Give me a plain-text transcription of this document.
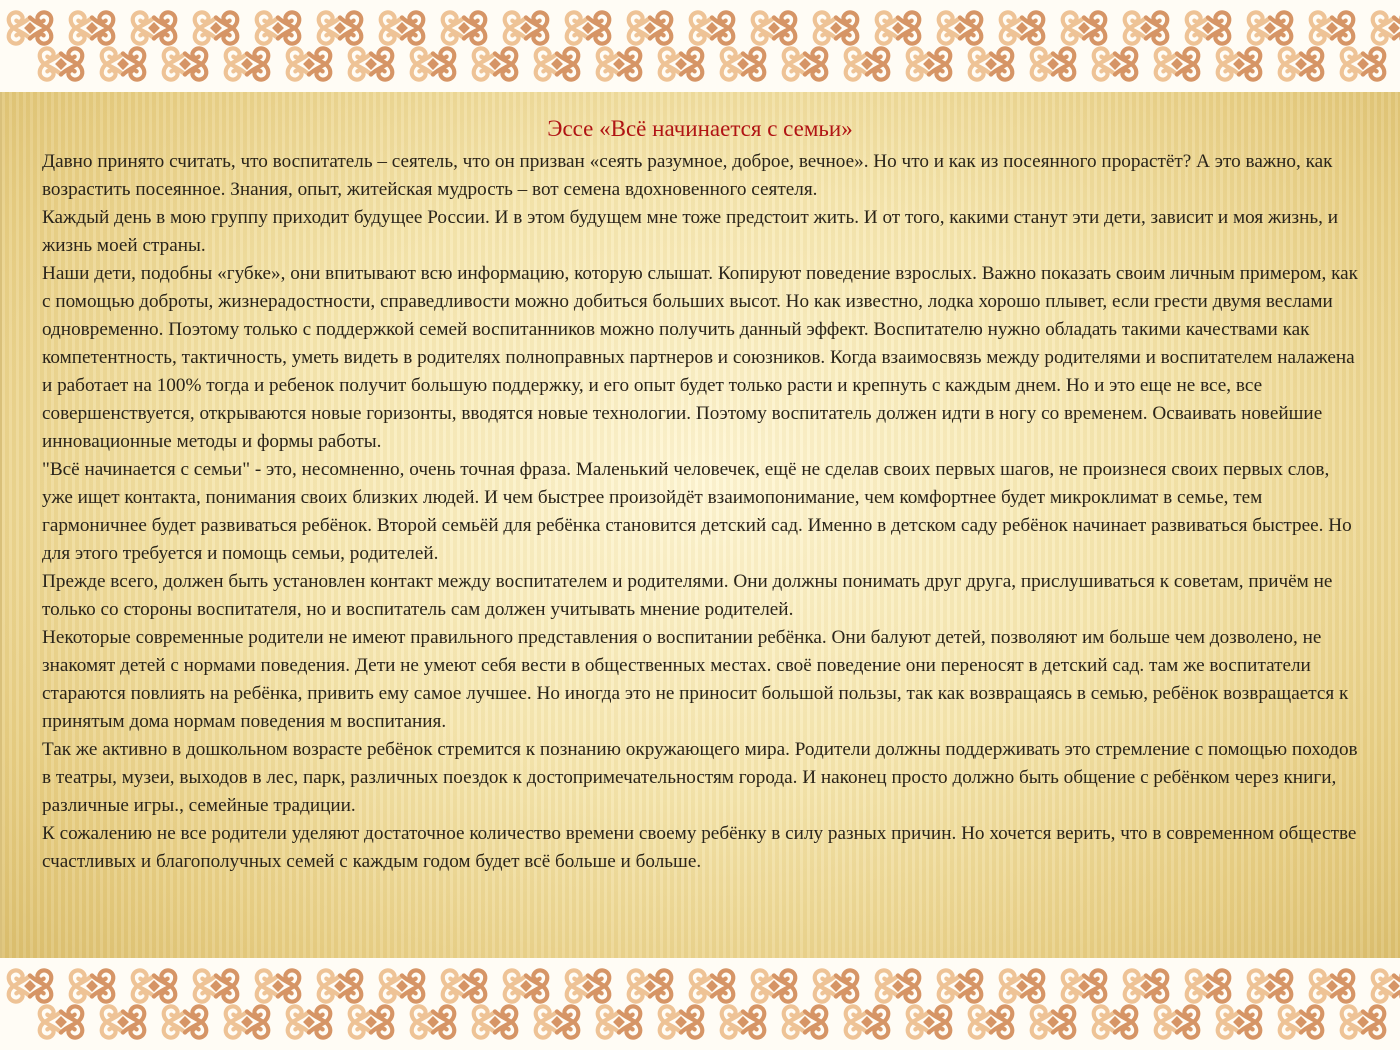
Эссе «Всё начинается с семьи»

Давно принято считать, что воспитатель – сеятель, что он призван «сеять разумное, доброе, вечное». Но что и как из посеянного прорастёт? А это важно, как возрастить посеянное. Знания, опыт, житейская мудрость – вот семена вдохновенного сеятеля.

Каждый день в мою группу приходит будущее России. И в этом будущем мне тоже предстоит жить. И от того, какими станут эти дети, зависит и моя жизнь, и жизнь моей страны.

Наши дети, подобны «губке», они впитывают всю информацию, которую слышат. Копируют поведение взрослых. Важно показать своим личным примером, как с помощью доброты, жизнерадостности, справедливости можно добиться больших высот. Но как известно, лодка хорошо плывет, если грести двумя веслами одновременно. Поэтому только с поддержкой семей воспитанников можно получить данный эффект. Воспитателю нужно обладать такими качествами как компетентность, тактичность, уметь видеть в родителях полноправных партнеров и союзников. Когда взаимосвязь между родителями и воспитателем налажена и работает на 100% тогда и ребенок получит большую поддержку, и его опыт будет только расти и крепнуть с каждым днем. Но и это еще не все, все совершенствуется, открываются новые горизонты, вводятся новые технологии. Поэтому воспитатель должен идти в ногу со временем. Осваивать новейшие инновационные методы и формы работы.

"Всё начинается с семьи" - это, несомненно, очень точная фраза. Маленький человечек, ещё не сделав своих первых шагов, не произнеся своих первых слов, уже ищет контакта, понимания своих близких людей. И чем быстрее произойдёт взаимопонимание, чем комфортнее будет микроклимат в семье, тем гармоничнее будет развиваться ребёнок. Второй семьёй для ребёнка становится детский сад. Именно в детском саду ребёнок начинает развиваться быстрее. Но для этого требуется и помощь семьи, родителей.

Прежде всего, должен быть установлен контакт между воспитателем и родителями. Они должны понимать друг друга, прислушиваться к советам, причём не только со стороны воспитателя, но и воспитатель сам должен учитывать мнение родителей.

Некоторые современные родители не имеют правильного представления о воспитании ребёнка. Они балуют детей, позволяют им больше чем дозволено, не знакомят детей с нормами поведения. Дети не умеют себя вести в общественных местах. своё поведение они переносят в детский сад. там же воспитатели стараются повлиять на ребёнка, привить ему самое лучшее. Но иногда это не приносит большой пользы, так как возвращаясь в семью, ребёнок возвращается к принятым дома нормам поведения м воспитания.

Так же активно в дошкольном возрасте ребёнок стремится к познанию окружающего мира. Родители должны поддерживать это стремление с помощью походов в театры, музеи, выходов в лес, парк, различных поездок к достопримечательностям города. И наконец просто должно быть общение с ребёнком через книги, различные игры., семейные традиции.

К сожалению не все родители уделяют достаточное количество времени своему ребёнку в силу разных причин. Но хочется верить, что в современном обществе счастливых и благополучных семей с каждым годом будет всё больше и больше.
